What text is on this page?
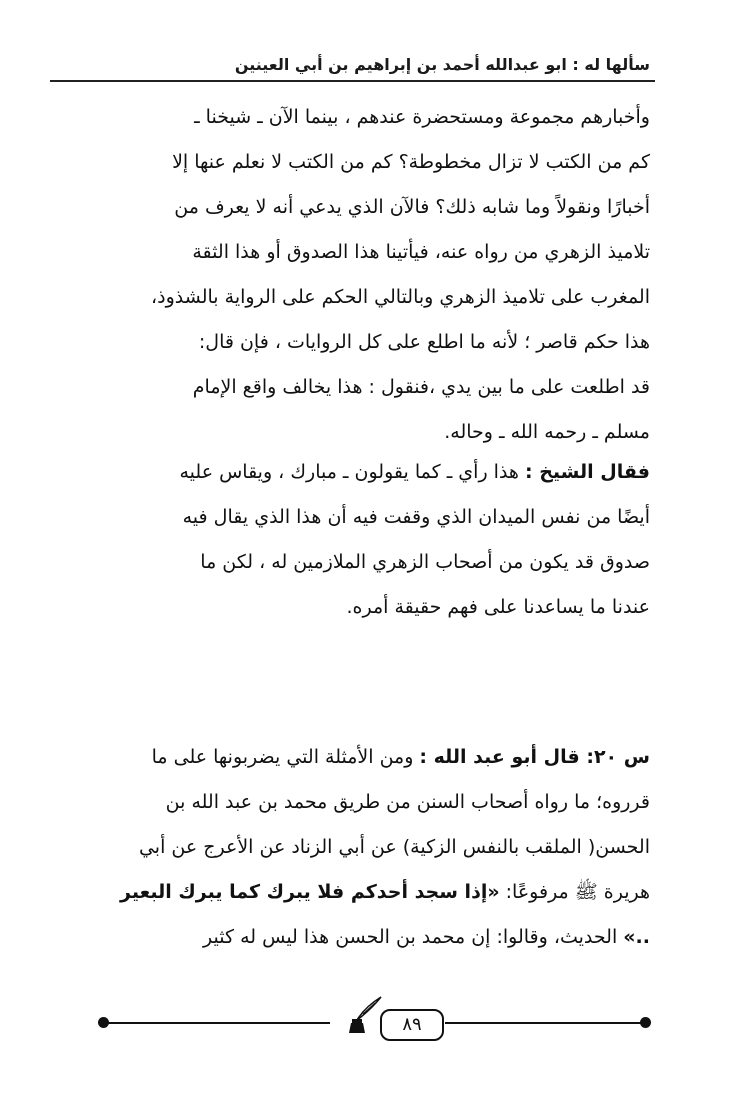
سألها له : ابو عبدالله أحمد بن إبراهيم بن أبي العينين
وأخبارهم مجموعة ومستحضرة عندهم ، بينما الآن ـ شيخنا ـ
كم من الكتب لا تزال مخطوطة؟ كم من الكتب لا نعلم عنها إلا
أخبارًا ونقولاً وما شابه ذلك؟ فالآن الذي يدعي أنه لا يعرف من
تلاميذ الزهري من رواه عنه، فيأتينا هذا الصدوق أو هذا الثقة
المغرب على تلاميذ الزهري وبالتالي الحكم على الرواية بالشذوذ،
هذا حكم قاصر ؛ لأنه ما اطلع على كل الروايات ، فإن قال:
قد اطلعت على ما بين يدي ،فنقول : هذا يخالف واقع الإمام
مسلم ـ رحمه الله ـ وحاله.
فقال الشيخ : هذا رأي ـ كما يقولون ـ مبارك ، ويقاس عليه
أيضًا من نفس الميدان الذي وقفت فيه أن هذا الذي يقال فيه
صدوق قد يكون من أصحاب الزهري الملازمين له ، لكن ما
عندنا ما يساعدنا على فهم حقيقة أمره.
س ٢٠: قال أبو عبد الله : ومن الأمثلة التي يضربونها على ما
قرروه؛ ما رواه أصحاب السنن من طريق محمد بن عبد الله بن
الحسن( الملقب بالنفس الزكية) عن أبي الزناد عن الأعرج عن أبي
هريرة ﷺ مرفوعًا: «إذا سجد أحدكم فلا يبرك كما يبرك البعير
..» الحديث، وقالوا: إن محمد بن الحسن هذا ليس له كثير
٨٩
